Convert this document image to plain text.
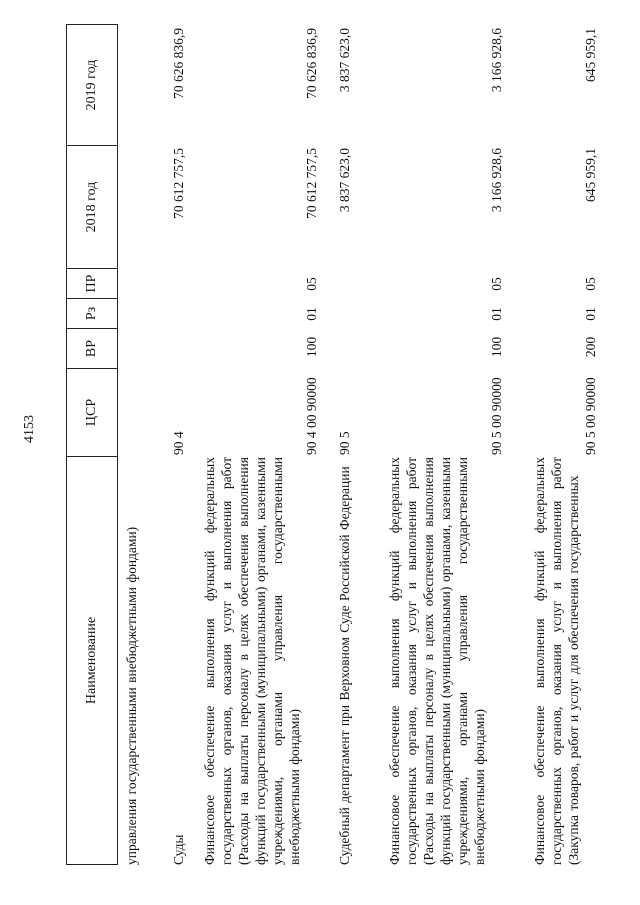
4153
Наименование
ЦСР
ВР
Рз
ПР
2018 год
2019 год
управления государственными внебюджетными фондами) Суды
90 4
70 612 757,5
70 626 836,9
Финансовое обеспечение выполнения функций федеральных государственных органов, оказания услуг и выполнения работ (Расходы на выплаты персоналу в целях обеспечения выполнения функций государственными (муниципальными) органами, казенными учреждениями, органами управления государственными внебюджетными фондами)
90 4 00 90000
100
01
05
70 612 757,5
70 626 836,9
Судебный департамент при Верховном Суде Российской Федерации
90 5
3 837 623,0
3 837 623,0
Финансовое обеспечение выполнения функций федеральных государственных органов, оказания услуг и выполнения работ (Расходы на выплаты персоналу в целях обеспечения выполнения функций государственными (муниципальными) органами, казенными учреждениями, органами управления государственными внебюджетными фондами)
90 5 00 90000
100
01
05
3 166 928,6
3 166 928,6
Финансовое обеспечение выполнения функций федеральных государственных органов, оказания услуг и выполнения работ (Закупка товаров, работ и услуг для обеспечения государственных
90 5 00 90000
200
01
05
645 959,1
645 959,1
